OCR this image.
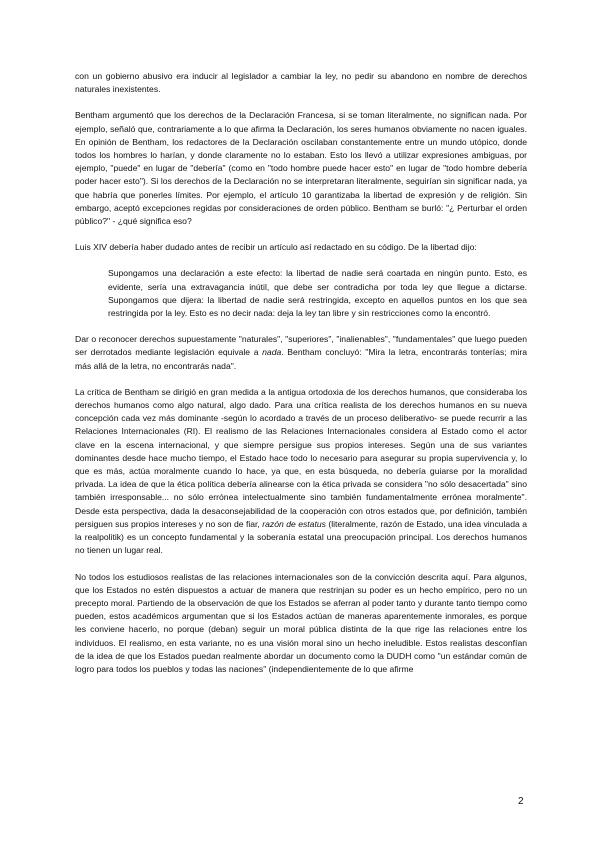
con un gobierno abusivo era inducir al legislador a cambiar la ley, no pedir su abandono en nombre de derechos naturales inexistentes.

Bentham argumentó que los derechos de la Declaración Francesa, si se toman literalmente, no significan nada. Por ejemplo, señaló que, contrariamente a lo que afirma la Declaración, los seres humanos obviamente no nacen iguales. En opinión de Bentham, los redactores de la Declaración oscilaban constantemente entre un mundo utópico, donde todos los hombres lo harían, y donde claramente no lo estaban. Esto los llevó a utilizar expresiones ambiguas, por ejemplo, "puede" en lugar de "debería" (como en "todo hombre puede hacer esto" en lugar de "todo hombre debería poder hacer esto"). Si los derechos de la Declaración no se interpretaran literalmente, seguirían sin significar nada, ya que habría que ponerles límites. Por ejemplo, el artículo 10 garantizaba la libertad de expresión y de religión. Sin embargo, aceptó excepciones regidas por consideraciones de orden público. Bentham se burló: "¿ Perturbar el orden público?" - ¿qué significa eso?

Luis XIV debería haber dudado antes de recibir un artículo así redactado en su código. De la libertad dijo:

Supongamos una declaración a este efecto: la libertad de nadie será coartada en ningún punto. Esto, es evidente, sería una extravagancia inútil, que debe ser contradicha por toda ley que llegue a dictarse. Supongamos que dijera: la libertad de nadie será restringida, excepto en aquellos puntos en los que sea restringida por la ley. Esto es no decir nada: deja la ley tan libre y sin restricciones como la encontró.

Dar o reconocer derechos supuestamente "naturales", "superiores", "inalienables", "fundamentales" que luego pueden ser derrotados mediante legislación equivale a nada. Bentham concluyó: "Mira la letra, encontrarás tonterías; mira más allá de la letra, no encontrarás nada".

La crítica de Bentham se dirigió en gran medida a la antigua ortodoxia de los derechos humanos, que consideraba los derechos humanos como algo natural, algo dado. Para una crítica realista de los derechos humanos en su nueva concepción cada vez más dominante -según lo acordado a través de un proceso deliberativo- se puede recurrir a las Relaciones Internacionales (RI). El realismo de las Relaciones Internacionales considera al Estado como el actor clave en la escena internacional, y que siempre persigue sus propios intereses. Según una de sus variantes dominantes desde hace mucho tiempo, el Estado hace todo lo necesario para asegurar su propia supervivencia y, lo que es más, actúa moralmente cuando lo hace, ya que, en esta búsqueda, no debería guiarse por la moralidad privada. La idea de que la ética política debería alinearse con la ética privada se considera "no sólo desacertada" sino también irresponsable... no sólo errónea intelectualmente sino también fundamentalmente errónea moralmente". Desde esta perspectiva, dada la desaconsejabilidad de la cooperación con otros estados que, por definición, también persiguen sus propios intereses y no son de fiar, razón de estatus (literalmente, razón de Estado, una idea vinculada a la realpolitik) es un concepto fundamental y la soberanía estatal una preocupación principal. Los derechos humanos no tienen un lugar real.

No todos los estudiosos realistas de las relaciones internacionales son de la convicción descrita aquí. Para algunos, que los Estados no estén dispuestos a actuar de manera que restrinjan su poder es un hecho empírico, pero no un precepto moral. Partiendo de la observación de que los Estados se aferran al poder tanto y durante tanto tiempo como pueden, estos académicos argumentan que si los Estados actúan de maneras aparentemente inmorales, es porque les conviene hacerlo, no porque (deban) seguir un moral pública distinta de la que rige las relaciones entre los individuos. El realismo, en esta variante, no es una visión moral sino un hecho ineludible. Estos realistas desconfían de la idea de que los Estados puedan realmente abordar un documento como la DUDH como "un estándar común de logro para todos los pueblos y todas las naciones" (independientemente de lo que afirme

2
